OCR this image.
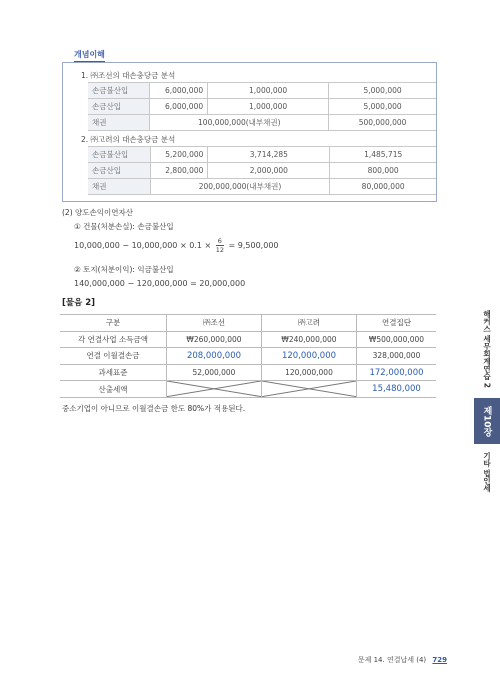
개념이해
1. ㈜조선의 대손충당금 분석
손금불산입	6,000,000	1,000,000	5,000,000
손금산입	6,000,000	1,000,000	5,000,000
채권	100,000,000(내부채권)		500,000,000
2. ㈜고려의 대손충당금 분석
손금불산입	5,200,000	3,714,285	1,485,715
손금산입	2,800,000	2,000,000	800,000
채권	200,000,000(내부채권)		80,000,000
(2) 양도손익이연자산
① 건물(처분손실): 손금불산입
$10,000,000 - 10,000,000 \times 0.1 \times \frac{6}{12} = 9,500,000$
② 토지(처분이익): 익금불산입
140,000,000 − 120,000,000 = 20,000,000
[물음 2]
구분	㈜조선	㈜고려	연결집단
각 연결사업 소득금액	₩260,000,000	₩240,000,000	₩500,000,000
연결 이월결손금	208,000,000	120,000,000	328,000,000
과세표준	52,000,000	120,000,000	172,000,000
산출세액			15,480,000
중소기업이 아니므로 이월결손금 한도 80%가 적용된다.
해커스 세무회계연습 2
제10장
기타 법인세
문제 14. 연결납세 (4) 729
